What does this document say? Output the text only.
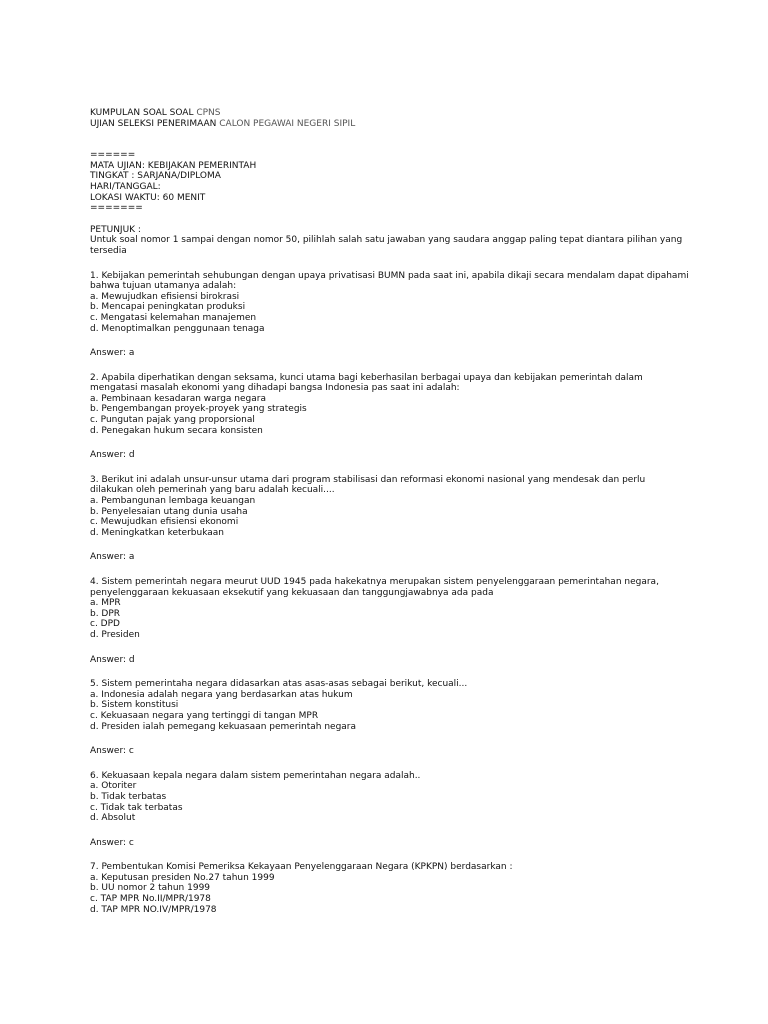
KUMPULAN SOAL SOAL CPNS
UJIAN SELEKSI PENERIMAAN CALON PEGAWAI NEGERI SIPIL
======
MATA UJIAN: KEBIJAKAN PEMERINTAH
TINGKAT : SARJANA/DIPLOMA
HARI/TANGGAL:
LOKASI WAKTU: 60 MENIT
=======
PETUNJUK :
Untuk soal nomor 1 sampai dengan nomor 50, pilihlah salah satu jawaban yang saudara anggap paling tepat diantara pilihan yang tersedia
1. Kebijakan pemerintah sehubungan dengan upaya privatisasi BUMN pada saat ini, apabila dikaji secara mendalam dapat dipahami bahwa tujuan utamanya adalah:
a. Mewujudkan efisiensi birokrasi
b. Mencapai peningkatan produksi
c. Mengatasi kelemahan manajemen
d. Menoptimalkan penggunaan tenaga
Answer: a
2. Apabila diperhatikan dengan seksama, kunci utama bagi keberhasilan berbagai upaya dan kebijakan pemerintah dalam mengatasi masalah ekonomi yang dihadapi bangsa Indonesia pas saat ini adalah:
a. Pembinaan kesadaran warga negara
b. Pengembangan proyek-proyek yang strategis
c. Pungutan pajak yang proporsional
d. Penegakan hukum secara konsisten
Answer: d
3. Berikut ini adalah unsur-unsur utama dari program stabilisasi dan reformasi ekonomi nasional yang mendesak dan perlu dilakukan oleh pemerinah yang baru adalah kecuali....
a. Pembangunan lembaga keuangan
b. Penyelesaian utang dunia usaha
c. Mewujudkan efisiensi ekonomi
d. Meningkatkan keterbukaan
Answer: a
4. Sistem pemerintah negara meurut UUD 1945 pada hakekatnya merupakan sistem penyelenggaraan pemerintahan negara, penyelenggaraan kekuasaan eksekutif yang kekuasaan dan tanggungjawabnya ada pada
a. MPR
b. DPR
c. DPD
d. Presiden
Answer: d
5. Sistem pemerintaha negara didasarkan atas asas-asas sebagai berikut, kecuali...
a. Indonesia adalah negara yang berdasarkan atas hukum
b. Sistem konstitusi
c. Kekuasaan negara yang tertinggi di tangan MPR
d. Presiden ialah pemegang kekuasaan pemerintah negara
Answer: c
6. Kekuasaan kepala negara dalam sistem pemerintahan negara adalah..
a. Otoriter
b. Tidak terbatas
c. Tidak tak terbatas
d. Absolut
Answer: c
7. Pembentukan Komisi Pemeriksa Kekayaan Penyelenggaraan Negara (KPKPN) berdasarkan :
a. Keputusan presiden No.27 tahun 1999
b. UU nomor 2 tahun 1999
c. TAP MPR No.II/MPR/1978
d. TAP MPR NO.IV/MPR/1978
